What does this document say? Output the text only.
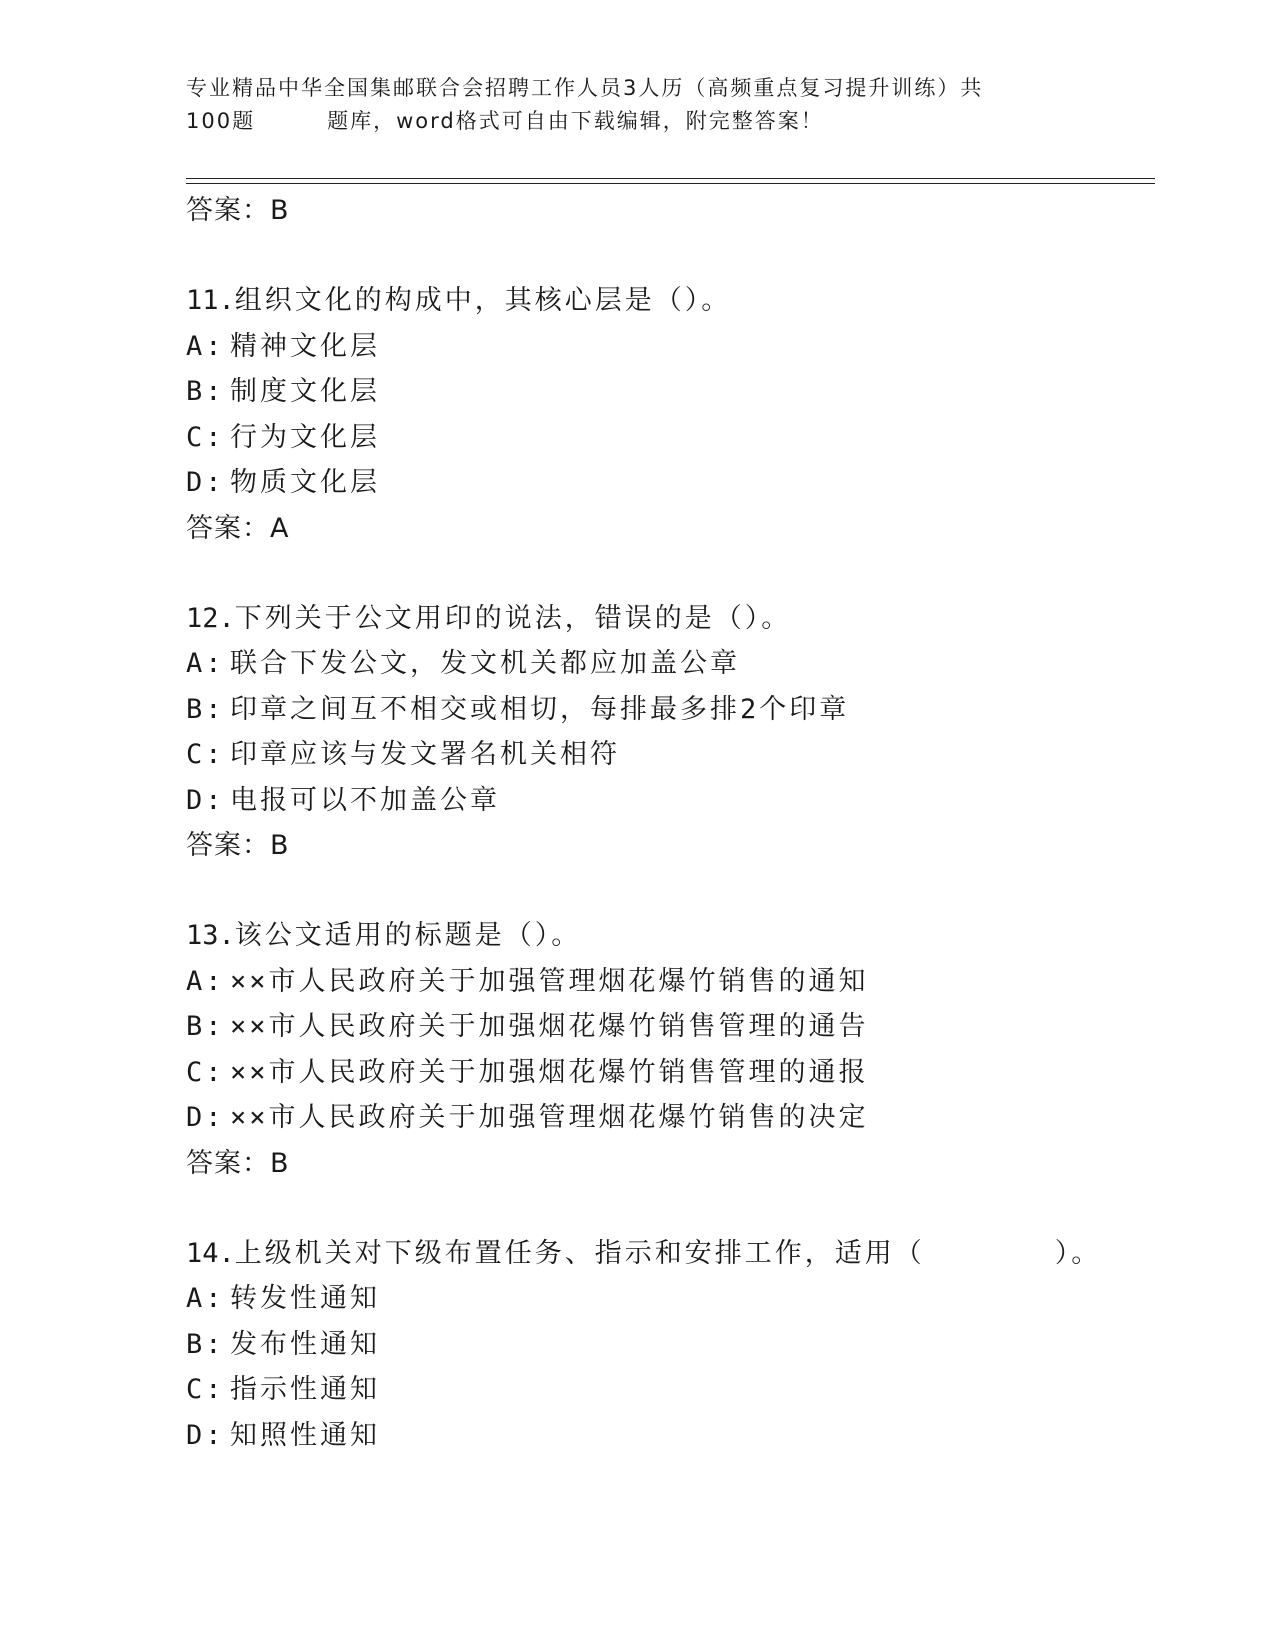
专业精品中华全国集邮联合会招聘工作人员3人历（高频重点复习提升训练）共
100题	题库，word格式可自由下载编辑，附完整答案！
答案：B
11.组织文化的构成中，其核心层是（）。
A: 精神文化层
B: 制度文化层
C: 行为文化层
D: 物质文化层
答案：A
12.下列关于公文用印的说法，错误的是（）。
A: 联合下发公文，发文机关都应加盖公章
B: 印章之间互不相交或相切，每排最多排2个印章
C: 印章应该与发文署名机关相符
D: 电报可以不加盖公章
答案：B
13.该公文适用的标题是（）。
A: ××市人民政府关于加强管理烟花爆竹销售的通知
B: ××市人民政府关于加强烟花爆竹销售管理的通告
C: ××市人民政府关于加强烟花爆竹销售管理的通报
D: ××市人民政府关于加强管理烟花爆竹销售的决定
答案：B
14.上级机关对下级布置任务、指示和安排工作，适用（	）。
A: 转发性通知
B: 发布性通知
C: 指示性通知
D: 知照性通知
